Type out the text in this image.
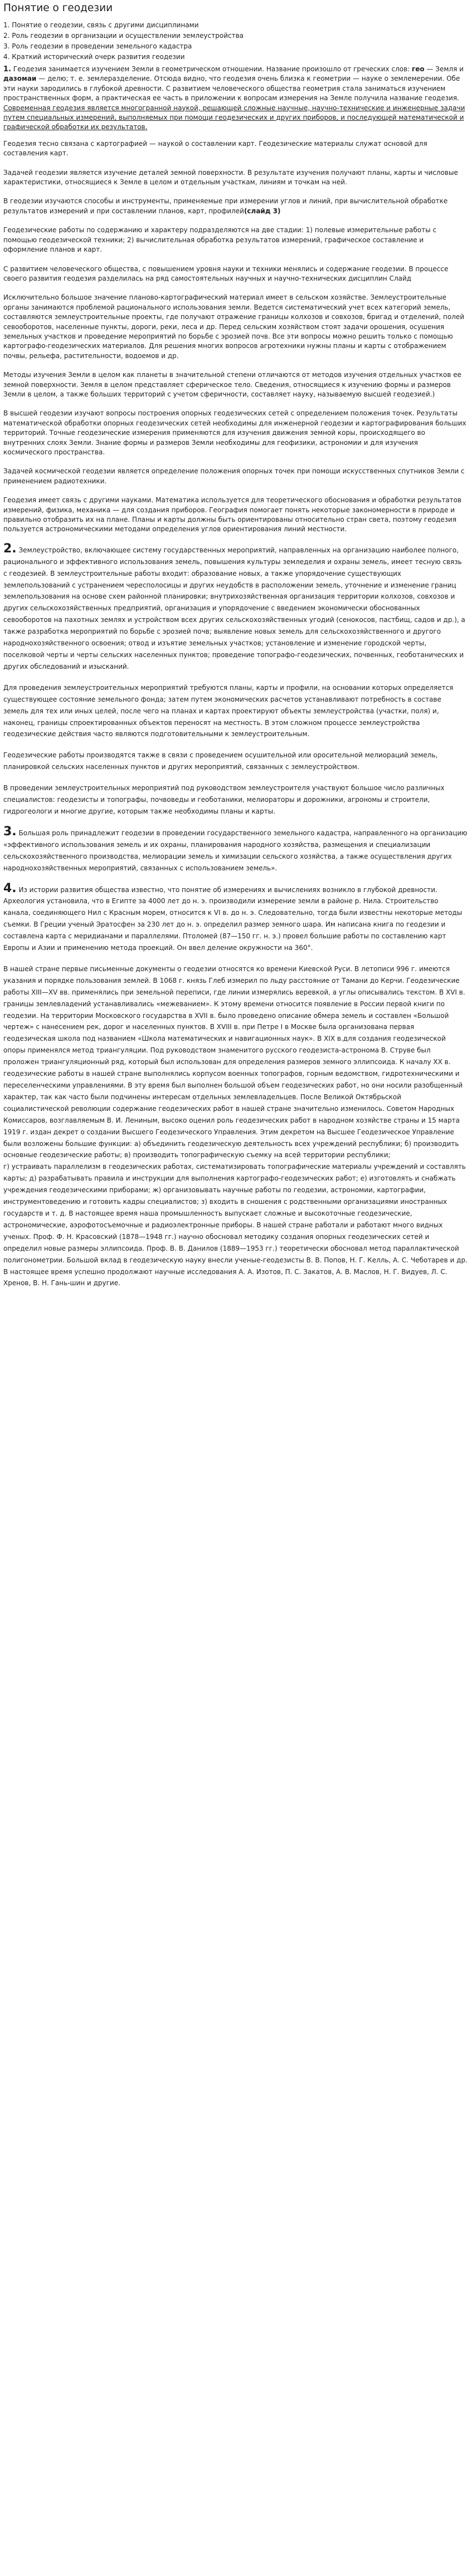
Понятие о геодезии
1. Понятие о геодезии, связь с другими дисциплинами
2. Роль геодезии в организации и осуществлении землеустройства
3. Роль геодезии в проведении земельного кадастра
4. Краткий исторический очерк развития геодезии

1. Геодезия занимается изучением Земли в геометрическом отношении. Название произошло от греческих слов: гео — Земля и дазомаи — делю; т. е. землеразделение. Отсюда видно, что геодезия очень близка к геометрии — науке о землемерении. Обе эти науки зародились в глубокой древности. С развитием человеческого общества геометрия стала заниматься изучением пространственных форм, а практическая ее часть в приложении к вопросам измерения на Земле получила название геодезия. Современная геодезия является многогранной наукой, решающей сложные научные, научно-технические и инженерные задачи путем специальных измерений, выполняемых при помощи геодезических и других приборов, и последующей математической и графической обработки их результатов.

Геодезия тесно связана с картографией — наукой о составлении карт. Геодезические материалы служат основой для составления карт.

Задачей геодезии является изучение деталей земной поверхности. В результате изучения получают планы, карты и числовые характеристики, относящиеся к Земле в целом и отдельным участкам, линиям и точкам на ней.

В геодезии изучаются способы и инструменты, применяемые при измерении углов и линий, при вычислительной обработке результатов измерений и при составлении планов, карт, профилей(слайд 3)

Геодезические работы по содержанию и характеру подразделяются на две стадии: 1) полевые измерительные работы с помощью геодезической техники; 2) вычислительная обработка результатов измерений, графическое составление и оформление планов и карт.

С развитием человеческого общества, с повышением уровня науки и техники менялись и содержание геодезии. В процессе своего развития геодезия разделилась на ряд самостоятельных научных и научно-технических дисциплин Слайд

Исключительно большое значение планово-картографический материал имеет в сельском хозяйстве. Землеустроительные органы занимаются проблемой рационального использования земли. Ведется систематический учет всех категорий земель, составляются землеустроительные проекты, где получают отражение границы колхозов и совхозов, бригад и отделений, полей севооборотов, населенные пункты, дороги, реки, леса и др. Перед сельским хозяйством стоят задачи орошения, осушения земельных участков и проведение мероприятий по борьбе с эрозией почв. Все эти вопросы можно решить только с помощью картографо-геодезических материалов. Для решения многих вопросов агротехники нужны планы и карты с отображением почвы, рельефа, растительности, водоемов и др.

Методы изучения Земли в целом как планеты в значительной степени отличаются от методов изучения отдельных участков ее земной поверхности. Земля в целом представляет сферическое тело. Сведения, относящиеся к изучению формы и размеров Земли в целом, а также больших территорий с учетом сферичности, составляет науку, называемую высшей геодезией.)

В высшей геодезии изучают вопросы построения опорных геодезических сетей с определением положения точек. Результаты математической обработки опорных геодезических сетей необходимы для инженерной геодезии и картографирования больших территорий. Точные геодезические измерения применяются для изучения движения земной коры, происходящего во внутренних слоях Земли. Знание формы и размеров Земли необходимы для геофизики, астрономии и для изучения космического пространства.

Задачей космической геодезии является определение положения опорных точек при помощи искусственных спутников Земли с применением радиотехники.

Геодезия имеет связь с другими науками. Математика используется для теоретического обоснования и обработки результатов измерений, физика, механика — для создания приборов. География помогает понять некоторые закономерности в природе и правильно отобразить их на плане. Планы и карты должны быть ориентированы относительно стран света, поэтому геодезия пользуется астрономическими методами определения углов ориентирования линий местности.

2. Землеустройство, включающее систему государственных мероприятий, направленных на организацию наиболее полного, рационального и эффективного использования земель, повышения культуры земледелия и охраны земель, имеет тесную связь с геодезией. В землеустроительные работы входит: образование новых, а также упорядочение существующих землепользований с устранением чересполосицы и других неудобств в расположении земель, уточнение и изменение границ землепользования на основе схем районной планировки; внутрихозяйственная организация территории колхозов, совхозов и других сельскохозяйственных предприятий, организация и упорядочение с введением экономически обоснованных севооборотов на пахотных землях и устройством всех других сельскохозяйственных угодий (сенокосов, пастбищ, садов и др.), а также разработка мероприятий по борьбе с эрозией почв; выявление новых земель для сельскохозяйственного и другого народнохозяйственного освоения; отвод и изъятие земельных участков; установление и изменение городской черты, поселковой черты и черты сельских населенных пунктов; проведение топографо-геодезических, почвенных, геоботанических и других обследований и изысканий.

Для проведения землеустроительных мероприятий требуются планы, карты и профили, на основании которых определяется существующее состояние земельного фонда; затем путем экономических расчетов устанавливают потребность в составе земель для тех или иных целей, после чего на планах и картах проектируют объекты землеустройства (участки, поля) и, наконец, границы спроектированных объектов переносят на местность. В этом сложном процессе землеустройства геодезические действия часто являются подготовительными к землеустроительным.

Геодезические работы производятся также в связи с проведением осушительной или оросительной мелиораций земель, планировкой сельских населенных пунктов и других мероприятий, связанных с землеустройством.

В проведении землеустроительных мероприятий под руководством землеустроителя участвуют большое число различных специалистов: геодезисты и топографы, почвоведы и геоботаники, мелиораторы и дорожники, агрономы и строители, гидрогеологи и многие другие, которым также необходимы планы и карты.

3. Большая роль принадлежит геодезии в проведении государственного земельного кадастра, направленного на организацию «эффективного использования земель и их охраны, планирования народного хозяйства, размещения и специализации сельскохозяйственного производства, мелиорации земель и химизации сельского хозяйства, а также осуществления других народнохозяйственных мероприятий, связанных с использованием земель».

4. Из истории развития общества известно, что понятие об измерениях и вычислениях возникло в глубокой древности. Археология установила, что в Египте за 4000 лет до н. э. производили измерение земли в районе р. Нила. Строительство канала, соединяющего Нил с Красным морем, относится к VI в. до н. э. Следовательно, тогда были известны некоторые методы съемки. В Греции ученый Эратосфен за 230 лет до н. э. определил размер земного шара. Им написана книга по геодезии и составлена карта с меридианами и параллелями. Птоломей (87—150 гг. н. э.) провел большие работы по составлению карт Европы и Азии и применению метода проекций. Он ввел деление окружности на 360°.

В нашей стране первые письменные документы о геодезии относятся ко времени Киевской Руси. В летописи 996 г. имеются указания и порядке пользования землей. В 1068 г. князь Глеб измерил по льду расстояние от Тамани до Керчи. Геодезические работы XIII—XV вв. применялись при земельной переписи, где линии измерялись веревкой, а углы описывались текстом. В XVI в. границы землевладений устанавливались «межеванием». К этому времени относится появление в России первой книги по геодезии. На территории Московского государства в XVII в. было проведено описание обмера земель и составлен «Большой чертеж» с нанесением рек, дорог и населенных пунктов. В XVIII в. при Петре I в Москве была организована первая геодезическая школа под названием «Школа математических и навигационных наук». В XIX в.для создания геодезической опоры применялся метод триангуляции. Под руководством знаменитого русского геодезиста-астронома В. Струве был проложен триангуляционный ряд, который был использован для определения размеров земного эллипсоида. К началу XX в. геодезические работы в нашей стране выполнялись корпусом военных топографов, горным ведомством, гидротехническими и переселенческими управлениями. В эту время был выполнен большой объем геодезических работ, но они носили разобщенный характер, так как часто были подчинены интересам отдельных землевладельцев. После Великой Октябрьской социалистической революции содержание геодезических работ в нашей стране значительно изменилось. Советом Народных Комиссаров, возглавляемым В. И. Лениным, высоко оценил роль геодезических работ в народном хозяйстве страны и 15 марта 1919 г. издан декрет о создании Высшего Геодезического Управления. Этим декретом на Высшее Геодезическое Управление были возложены большие функции: а) объединить геодезическую деятельность всех учреждений республики; б) производить основные геодезические работы; в) производить топографическую съемку на всей территории республики;

г) устраивать параллелизм в геодезических работах, систематизировать топографические материалы учреждений и составлять карты; д) разрабатывать правила и инструкции для выполнения картографо-геодезических работ; е) изготовлять и снабжать учреждения геодезическими приборами; ж) организовывать научные работы по геодезии, астрономии, картографии, инструментоведению и готовить кадры специалистов; з) входить в сношения с родственными организациями иностранных государств и т. д. В настоящее время наша промышленность выпускает сложные и высокоточные геодезические, астрономические, аэрофотосъемочные и радиоэлектронные приборы. В нашей стране работали и работают много видных ученых. Проф. Ф. Н. Красовский (1878—1948 гг.) научно обосновал методику создания опорных геодезических сетей и определил новые размеры эллипсоида. Проф. В. В. Данилов (1889—1953 гг.) теоретически обосновал метод параллактической полигонометрии. Большой вклад в геодезическую науку внесли ученые-геодезисты В. В. Попов, Н. Г. Келль, А. С. Чеботарев и др. В настоящее время успешно продолжают научные исследования А. А. Изотов, П. С. Закатов, А. В. Маслов, Н. Г. Видуев, Л. С. Хренов, В. Н. Гань-шин и другие.
